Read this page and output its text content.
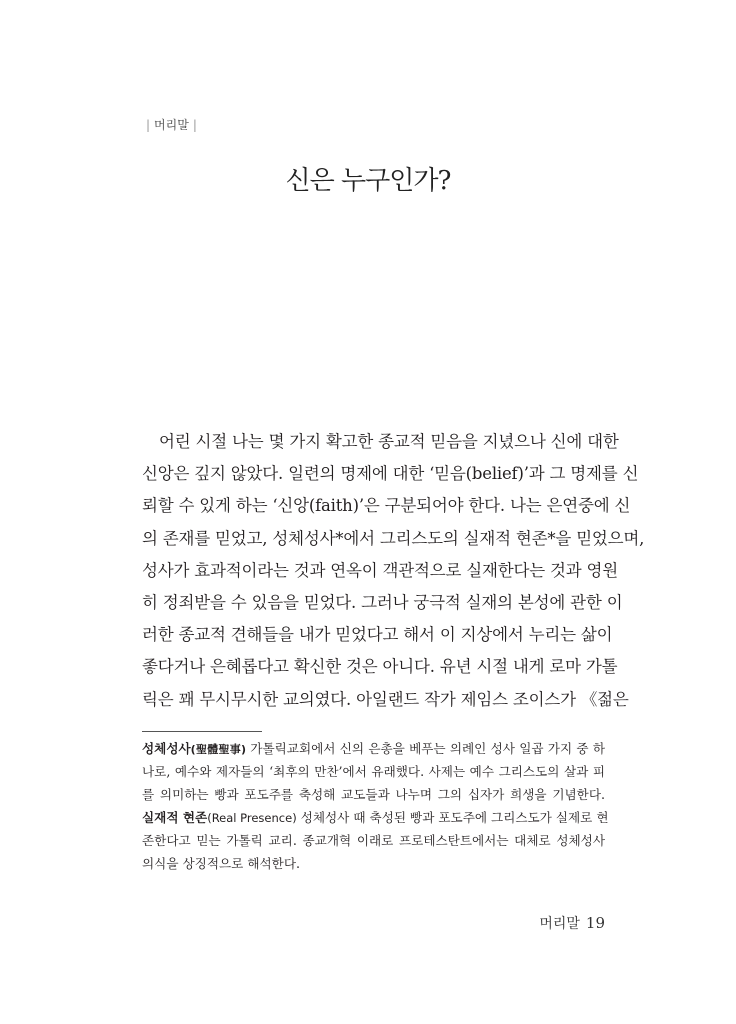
| 머리말 |
신은 누구인가?
어린 시절 나는 몇 가지 확고한 종교적 믿음을 지녔으나 신에 대한
신앙은 깊지 않았다. 일련의 명제에 대한 ‘믿음(belief)’과 그 명제를 신
뢰할 수 있게 하는 ‘신앙(faith)’은 구분되어야 한다. 나는 은연중에 신
의 존재를 믿었고, 성체성사*에서 그리스도의 실재적 현존*을 믿었으며,
성사가 효과적이라는 것과 연옥이 객관적으로 실재한다는 것과 영원
히 정죄받을 수 있음을 믿었다. 그러나 궁극적 실재의 본성에 관한 이
러한 종교적 견해들을 내가 믿었다고 해서 이 지상에서 누리는 삶이
좋다거나 은혜롭다고 확신한 것은 아니다. 유년 시절 내게 로마 가톨
릭은 꽤 무시무시한 교의였다. 아일랜드 작가 제임스 조이스가 《젊은
성체성사(聖體聖事) 가톨릭교회에서 신의 은총을 베푸는 의례인 성사 일곱 가지 중 하
나로, 예수와 제자들의 ‘최후의 만찬’에서 유래했다. 사제는 예수 그리스도의 살과 피
를 의미하는 빵과 포도주를 축성해 교도들과 나누며 그의 십자가 희생을 기념한다.
실재적 현존(Real Presence) 성체성사 때 축성된 빵과 포도주에 그리스도가 실제로 현
존한다고 믿는 가톨릭 교리. 종교개혁 이래로 프로테스탄트에서는 대체로 성체성사
의식을 상징적으로 해석한다.
머리말 19
